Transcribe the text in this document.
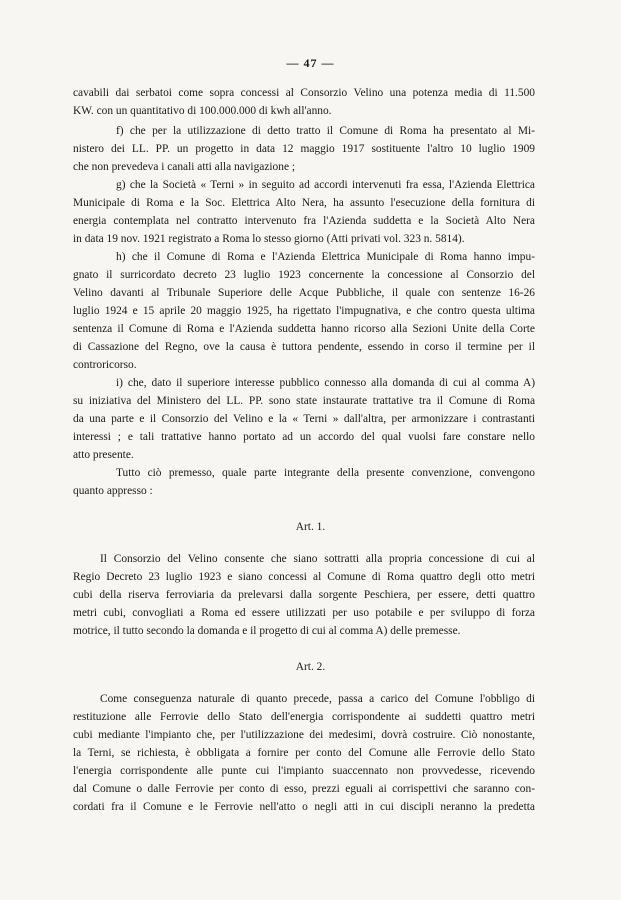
— 47 —
cavabili dai serbatoi come sopra concessi al Consorzio Velino una potenza media di 11.500
KW. con un quantitativo di 100.000.000 di kwh all'anno.
f) che per la utilizzazione di detto tratto il Comune di Roma ha presentato al Mi-
nistero dei LL. PP. un progetto in data 12 maggio 1917 sostituente l'altro 10 luglio 1909
che non prevedeva i canali atti alla navigazione ;
g) che la Società « Terni » in seguito ad accordi intervenuti fra essa, l'Azienda Elettrica
Municipale di Roma e la Soc. Elettrica Alto Nera, ha assunto l'esecuzione della fornitura di
energia contemplata nel contratto intervenuto fra l'Azienda suddetta e la Società Alto Nera
in data 19 nov. 1921 registrato a Roma lo stesso giorno (Atti privati vol. 323 n. 5814).
h) che il Comune di Roma e l'Azienda Elettrica Municipale di Roma hanno impu-
gnato il surricordato decreto 23 luglio 1923 concernente la concessione al Consorzio del
Velino davanti al Tribunale Superiore delle Acque Pubbliche, il quale con sentenze 16-26
luglio 1924 e 15 aprile 20 maggio 1925, ha rigettato l'impugnativa, e che contro questa ultima
sentenza il Comune di Roma e l'Azienda suddetta hanno ricorso alla Sezioni Unite della Corte
di Cassazione del Regno, ove la causa è tuttora pendente, essendo in corso il termine per il
controricorso.
i) che, dato il superiore interesse pubblico connesso alla domanda di cui al comma A)
su iniziativa del Ministero del LL. PP. sono state instaurate trattative tra il Comune di Roma
da una parte e il Consorzio del Velino e la « Terni » dall'altra, per armonizzare i contrastanti
interessi ; e tali trattative hanno portato ad un accordo del qual vuolsi fare constare nello
atto presente.
Tutto ciò premesso, quale parte integrante della presente convenzione, convengono
quanto appresso :
Art. 1.
Il Consorzio del Velino consente che siano sottratti alla propria concessione di cui al
Regio Decreto 23 luglio 1923 e siano concessi al Comune di Roma quattro degli otto metri
cubi della riserva ferroviaria da prelevarsi dalla sorgente Peschiera, per essere, detti quattro
metri cubi, convogliati a Roma ed essere utilizzati per uso potabile e per sviluppo di forza
motrice, il tutto secondo la domanda e il progetto di cui al comma A) delle premesse.
Art. 2.
Come conseguenza naturale di quanto precede, passa a carico del Comune l'obbligo di
restituzione alle Ferrovie dello Stato dell'energia corrispondente ai suddetti quattro metri
cubi mediante l'impianto che, per l'utilizzazione dei medesimi, dovrà costruire. Ciò nonostante,
la Terni, se richiesta, è obbligata a fornire per conto del Comune alle Ferrovie dello Stato
l'energia corrispondente alle punte cui l'impianto suaccennato non provvedesse, ricevendo
dal Comune o dalle Ferrovie per conto di esso, prezzi eguali ai corrispettivi che saranno con-
cordati fra il Comune e le Ferrovie nell'atto o negli atti in cui discipli neranno la predetta
